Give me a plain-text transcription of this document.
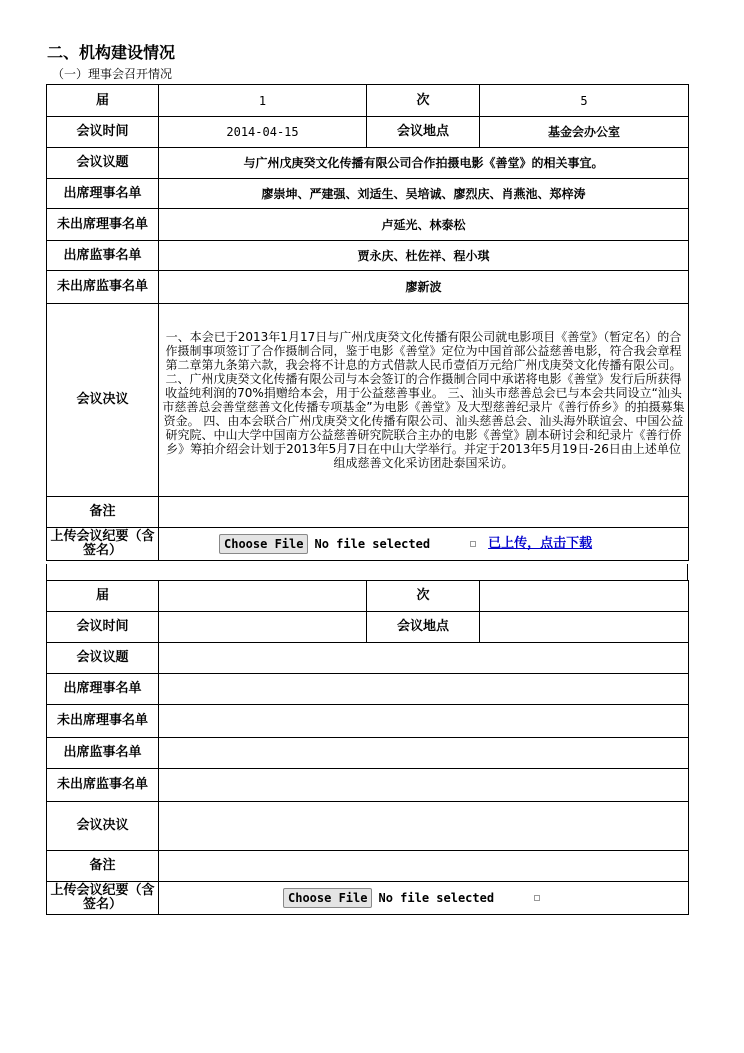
二、机构建设情况
（一）理事会召开情况
届	1	次	5
会议时间	2014-04-15	会议地点	基金会办公室
会议议题	与广州戊庚癸文化传播有限公司合作拍摄电影《善堂》的相关事宜。		
出席理事名单	廖崇坤、严建强、刘适生、吴培诚、廖烈庆、肖燕池、郑梓涛		
未出席理事名单	卢延光、林泰松		
出席监事名单	贾永庆、杜佐祥、程小琪		
未出席监事名单	廖新波		
会议决议	一、本会已于2013年1月17日与广州戊庚癸文化传播有限公司就电影项目《善堂》（暂定名）的合作摄制事项签订了合作摄制合同，鉴于电影《善堂》定位为中国首部公益慈善电影，符合我会章程第二章第九条第六款，我会将不计息的方式借款人民币壹佰万元给广州戊庚癸文化传播有限公司。 二、广州戊庚癸文化传播有限公司与本会签订的合作摄制合同中承诺将电影《善堂》发行后所获得收益纯利润的70%捐赠给本会，用于公益慈善事业。 三、汕头市慈善总会已与本会共同设立“汕头市慈善总会善堂慈善文化传播专项基金”为电影《善堂》及大型慈善纪录片《善行侨乡》的拍摄募集资金。 四、由本会联合广州戊庚癸文化传播有限公司、汕头慈善总会、汕头海外联谊会、中国公益研究院、中山大学中国南方公益慈善研究院联合主办的电影《善堂》剧本研讨会和纪录片《善行侨乡》筹拍介绍会计划于2013年5月7日在中山大学举行。并定于2013年5月19日-26日由上述单位组成慈善文化采访团赴泰国采访。		
备注			
上传会议纪要（含签名）	Choose File No file selected 已上传，点击下载		
届		次	
会议时间		会议地点	
会议议题			
出席理事名单			
未出席理事名单			
出席监事名单			
未出席监事名单			
会议决议			
备注			
上传会议纪要（含签名）	Choose File No file selected		
